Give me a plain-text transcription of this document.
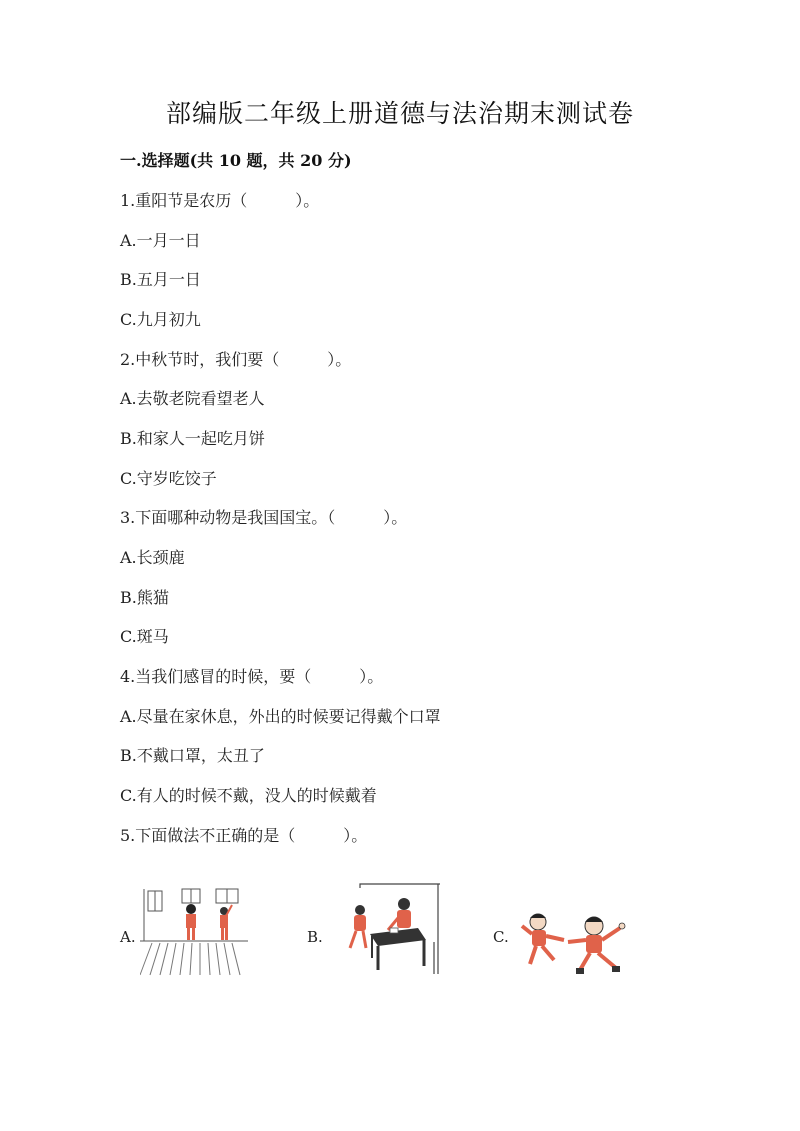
部编版二年级上册道德与法治期末测试卷
一.选择题(共 10 题，共 20 分)
1.重阳节是农历（　　　）。
A.一月一日
B.五月一日
C.九月初九
2.中秋节时，我们要（　　　）。
A.去敬老院看望老人
B.和家人一起吃月饼
C.守岁吃饺子
3.下面哪种动物是我国国宝。（　　　）。
A.长颈鹿
B.熊猫
C.斑马
4.当我们感冒的时候，要（　　　）。
A.尽量在家休息，外出的时候要记得戴个口罩
B.不戴口罩，太丑了
C.有人的时候不戴，没人的时候戴着
5.下面做法不正确的是（　　　）。
A.	B.	C.
